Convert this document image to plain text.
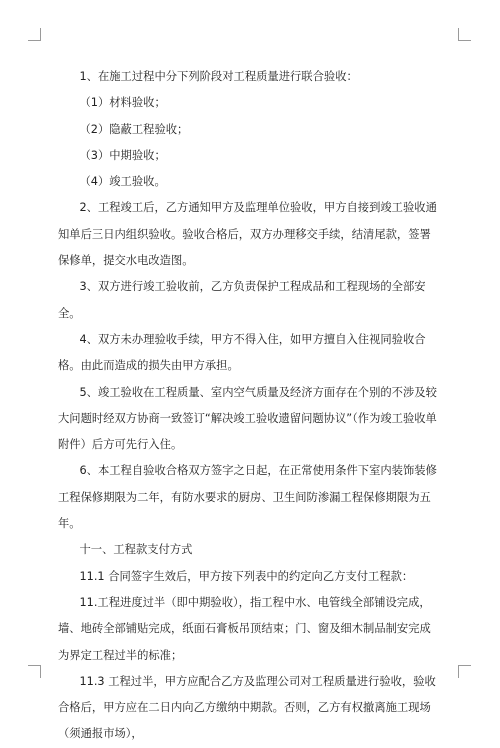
1、在施工过程中分下列阶段对工程质量进行联合验收：

（1）材料验收；

（2）隐蔽工程验收；

（3）中期验收；

（4）竣工验收。

2、工程竣工后，乙方通知甲方及监理单位验收，甲方自接到竣工验收通知单后三日内组织验收。验收合格后，双方办理移交手续，结清尾款，签署保修单，提交水电改造图。

3、双方进行竣工验收前，乙方负责保护工程成品和工程现场的全部安全。

4、双方未办理验收手续，甲方不得入住，如甲方擅自入住视同验收合格。由此而造成的损失由甲方承担。

5、竣工验收在工程质量、室内空气质量及经济方面存在个别的不涉及较大问题时经双方协商一致签订“解决竣工验收遗留问题协议”（作为竣工验收单附件）后方可先行入住。

6、本工程自验收合格双方签字之日起，在正常使用条件下室内装饰装修工程保修期限为二年，有防水要求的厨房、卫生间防渗漏工程保修期限为五年。

十一、工程款支付方式

11.1 合同签字生效后，甲方按下列表中的约定向乙方支付工程款：

11.工程进度过半（即中期验收），指工程中水、电管线全部铺设完成，墙、地砖全部铺贴完成，纸面石膏板吊顶结束；门、窗及细木制品制安完成为界定工程过半的标准；

11.3 工程过半，甲方应配合乙方及监理公司对工程质量进行验收，验收合格后，甲方应在二日内向乙方缴纳中期款。否则，乙方有权撤离施工现场（须通报市场），
